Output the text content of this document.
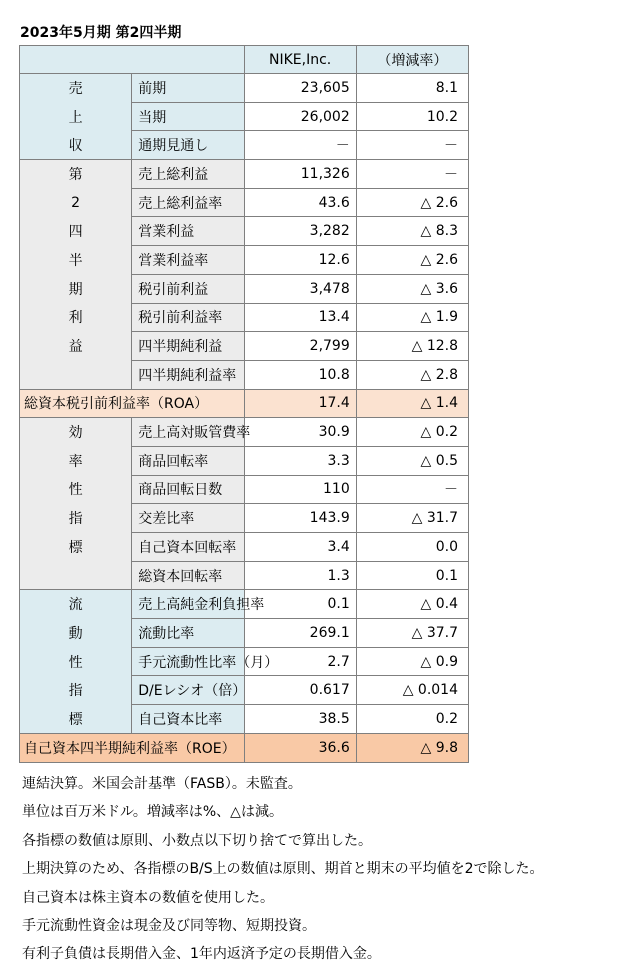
2023年5月期 第2四半期
		NIKE,Inc.	（増減率）
売	前期	23,605	8.1
上	当期	26,002	10.2
収	通期見通し	－	－
第	売上総利益	11,326	－
2	売上総利益率	43.6	△ 2.6
四	営業利益	3,282	△ 8.3
半	営業利益率	12.6	△ 2.6
期	税引前利益	3,478	△ 3.6
利	税引前利益率	13.4	△ 1.9
益	四半期純利益	2,799	△ 12.8
	四半期純利益率	10.8	△ 2.8
総資本税引前利益率（ROA）		17.4	△ 1.4
効	売上高対販管費率	30.9	△ 0.2
率	商品回転率	3.3	△ 0.5
性	商品回転日数	110	－
指	交差比率	143.9	△ 31.7
標	自己資本回転率	3.4	0.0
	総資本回転率	1.3	0.1
流	売上高純金利負担率	0.1	△ 0.4
動	流動比率	269.1	△ 37.7
性	手元流動性比率（月）	2.7	△ 0.9
指	D/Eレシオ（倍）	0.617	△ 0.014
標	自己資本比率	38.5	0.2
自己資本四半期純利益率（ROE）		36.6	△ 9.8
連結決算。米国会計基準（FASB）。未監査。
単位は百万米ドル。増減率は%、△は減。
各指標の数値は原則、小数点以下切り捨てで算出した。
上期決算のため、各指標のB/S上の数値は原則、期首と期末の平均値を2で除した。
自己資本は株主資本の数値を使用した。
手元流動性資金は現金及び同等物、短期投資。
有利子負債は長期借入金、1年内返済予定の長期借入金。
